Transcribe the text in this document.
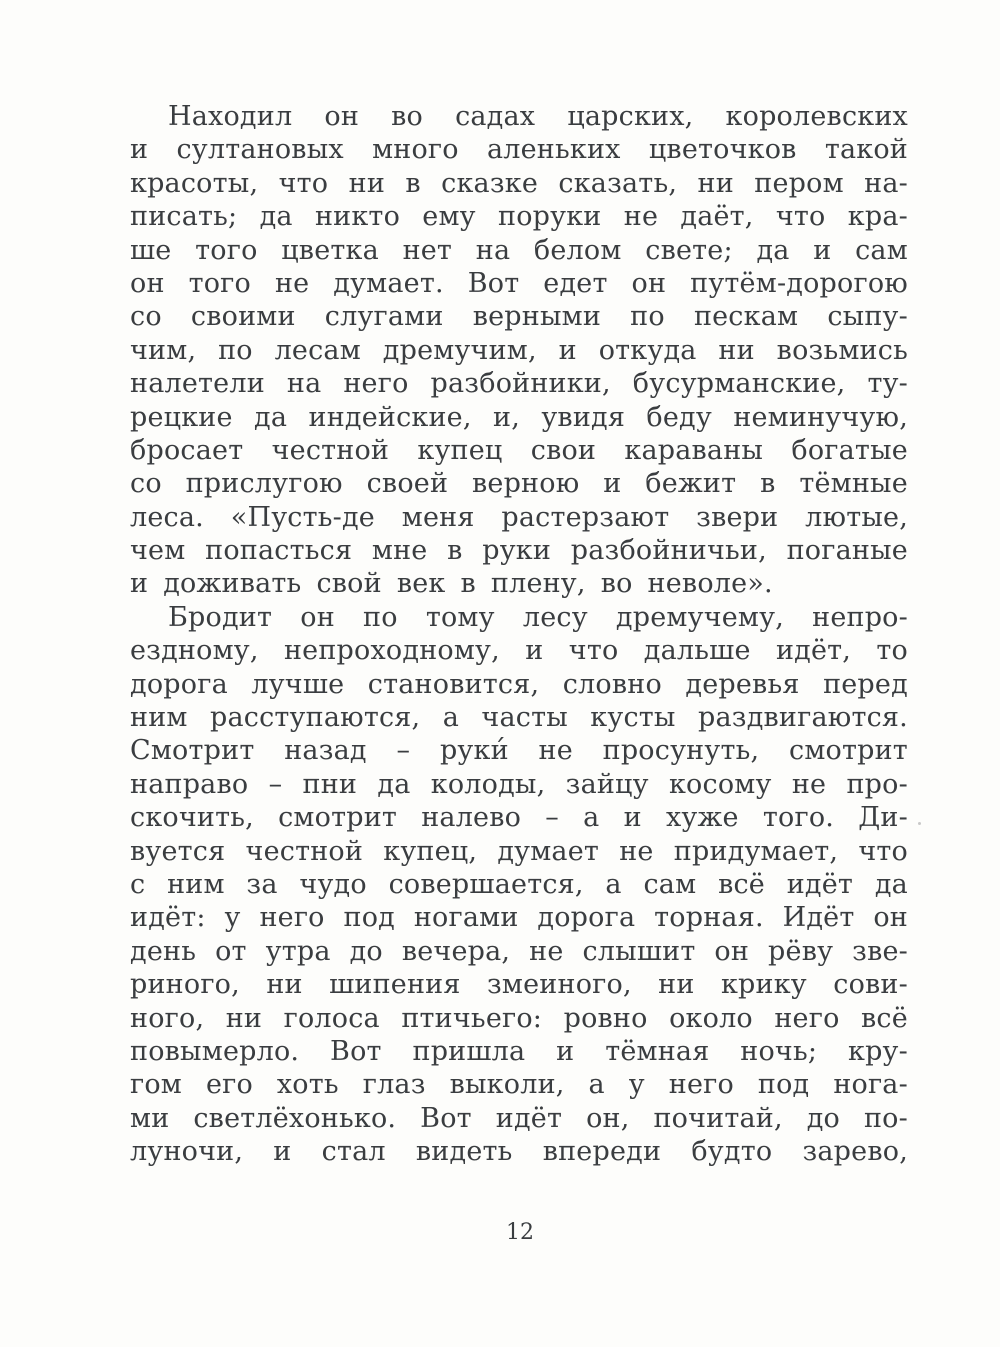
Находил он во садах царских, королевских
и султановых много аленьких цветочков такой
красоты, что ни в сказке сказать, ни пером на-
писать; да никто ему поруки не даёт, что кра-
ше того цветка нет на белом свете; да и сам
он того не думает. Вот едет он путём-дорогою
со своими слугами верными по пескам сыпу-
чим, по лесам дремучим, и откуда ни возьмись
налетели на него разбойники, бусурманские, ту-
рецкие да индейские, и, увидя беду неминучую,
бросает честной купец свои караваны богатые
со прислугою своей верною и бежит в тёмные
леса. «Пусть-де меня растерзают звери лютые,
чем попасться мне в руки разбойничьи, поганые
и доживать свой век в плену, во неволе».
Бродит он по тому лесу дремучему, непро-
ездному, непроходному, и что дальше идёт, то
дорога лучше становится, словно деревья перед
ним расступаются, а часты кусты раздвигаются.
Смотрит назад – руки́ не просунуть, смотрит
направо – пни да колоды, зайцу косому не про-
скочить, смотрит налево – а и хуже того. Ди-
вуется честной купец, думает не придумает, что
с ним за чудо совершается, а сам всё идёт да
идёт: у него под ногами дорога торная. Идёт он
день от утра до вечера, не слышит он рёву зве-
риного, ни шипения змеиного, ни крику сови-
ного, ни голоса птичьего: ровно около него всё
повымерло. Вот пришла и тёмная ночь; кру-
гом его хоть глаз выколи, а у него под нога-
ми светлёхонько. Вот идёт он, почитай, до по-
луночи, и стал видеть впереди будто зарево,
12
